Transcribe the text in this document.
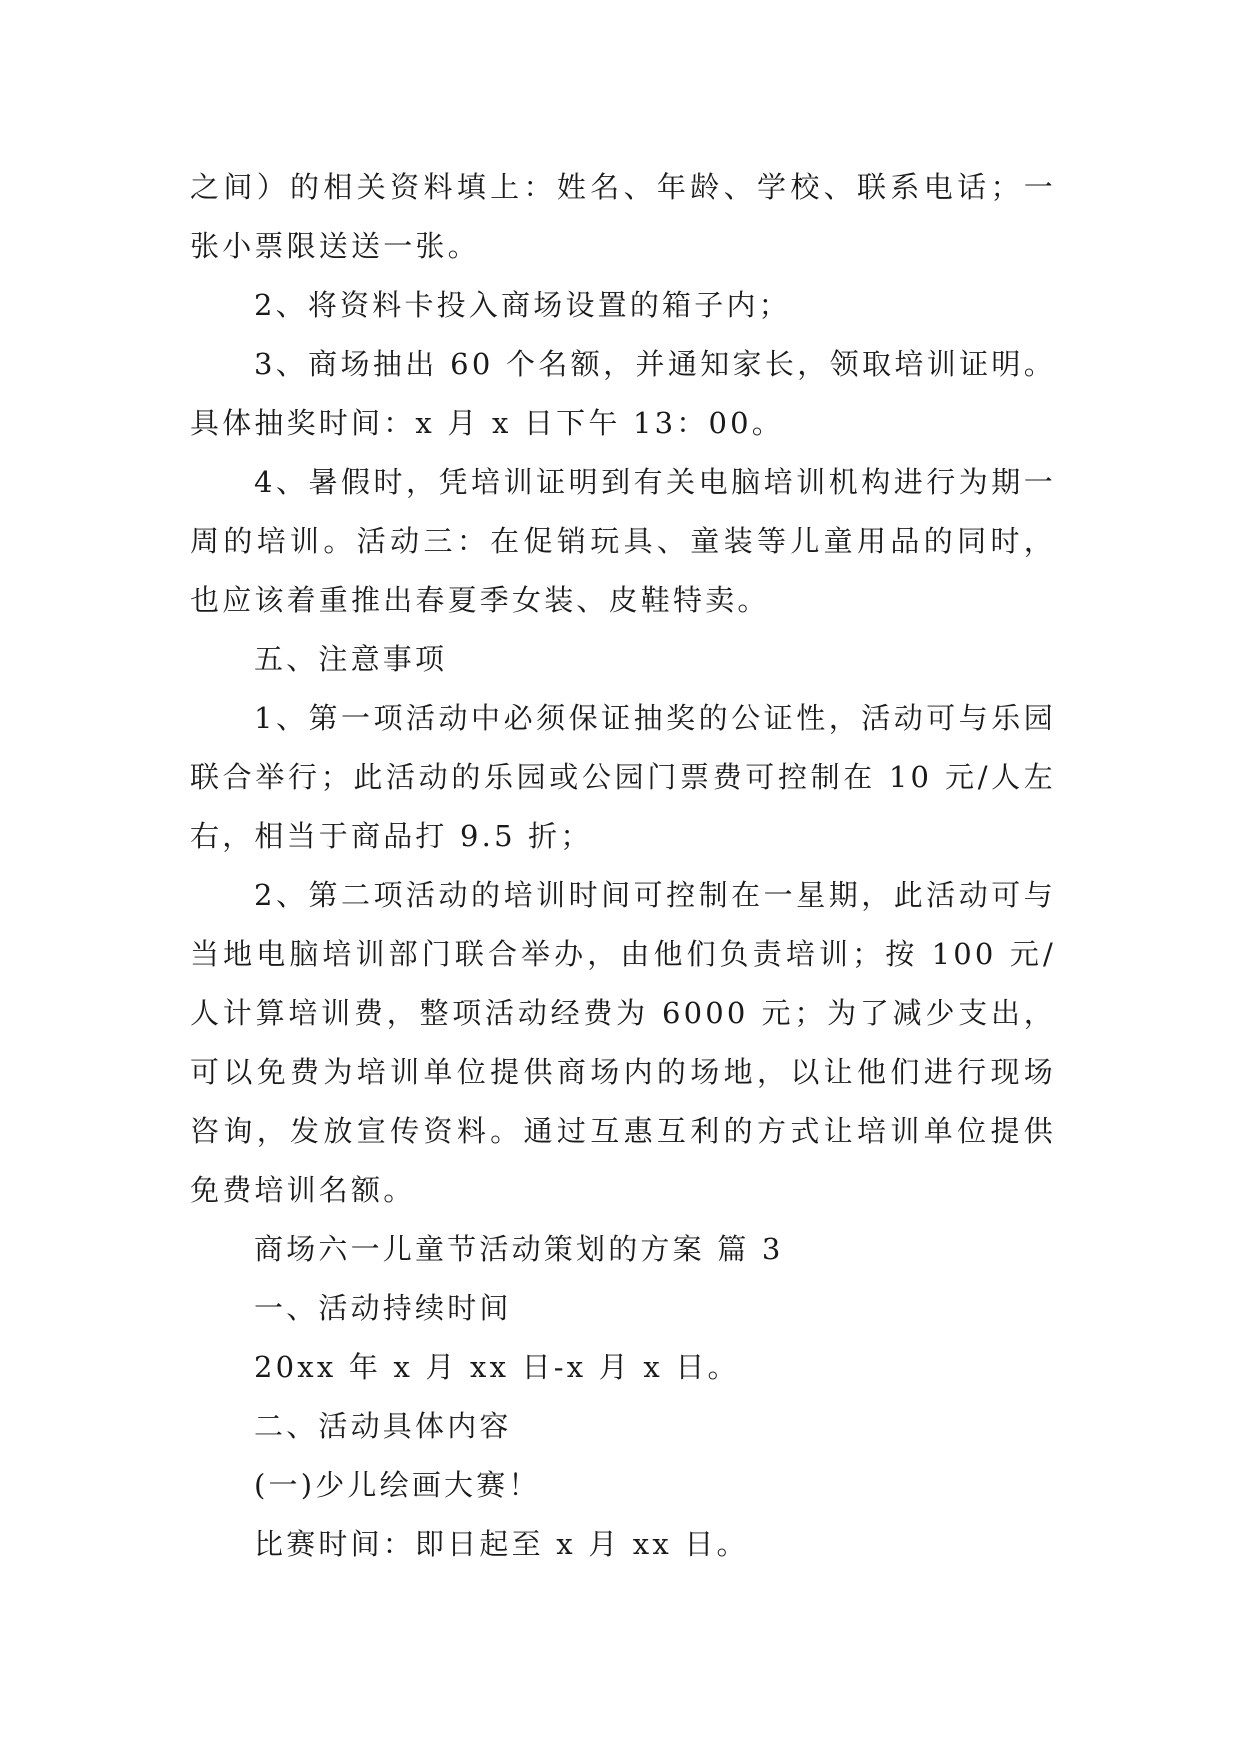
之间）的相关资料填上：姓名、年龄、学校、联系电话；一张小票限送送一张。

2、将资料卡投入商场设置的箱子内；

3、商场抽出 60 个名额，并通知家长，领取培训证明。具体抽奖时间：x 月 x 日下午 13：00。

4、暑假时，凭培训证明到有关电脑培训机构进行为期一周的培训。活动三：在促销玩具、童装等儿童用品的同时，也应该着重推出春夏季女装、皮鞋特卖。

五、注意事项

1、第一项活动中必须保证抽奖的公证性，活动可与乐园联合举行；此活动的乐园或公园门票费可控制在 10 元/人左右，相当于商品打 9.5 折；

2、第二项活动的培训时间可控制在一星期，此活动可与当地电脑培训部门联合举办，由他们负责培训；按 100 元/人计算培训费，整项活动经费为 6000 元；为了减少支出，可以免费为培训单位提供商场内的场地，以让他们进行现场咨询，发放宣传资料。通过互惠互利的方式让培训单位提供免费培训名额。

商场六一儿童节活动策划的方案 篇 3

一、活动持续时间

20xx 年 x 月 xx 日-x 月 x 日。

二、活动具体内容

(一)少儿绘画大赛！

比赛时间：即日起至 x 月 xx 日。
